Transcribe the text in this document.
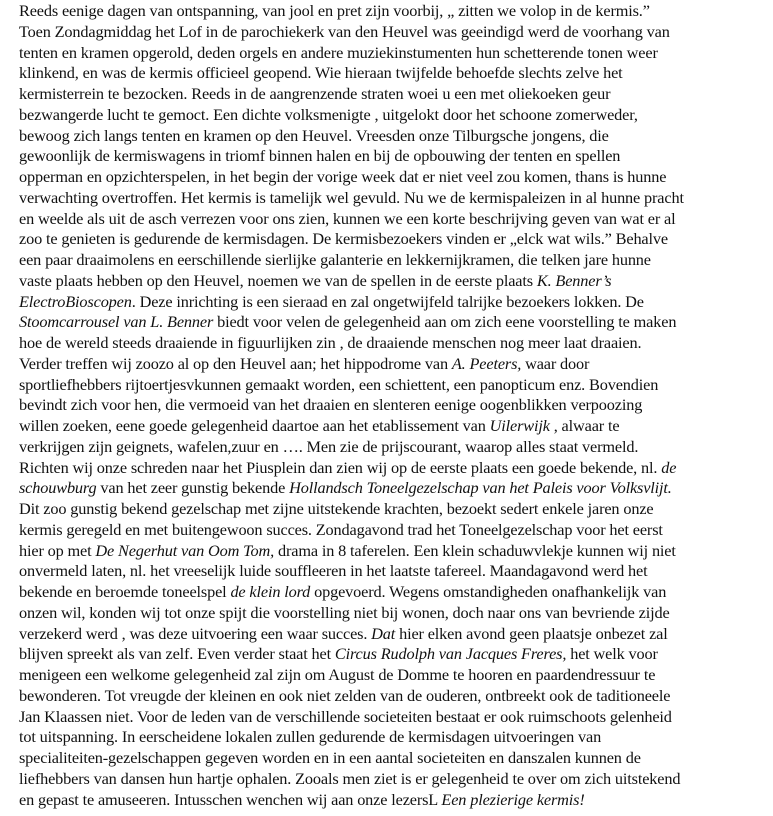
Reeds eenige dagen van ontspanning, van jool en pret zijn voorbij, „ zitten we volop in de kermis.”
Toen Zondagmiddag het Lof in de parochiekerk van den Heuvel was geeindigd werd de voorhang van
tenten en kramen opgerold, deden orgels en andere muziekinstumenten hun schetterende tonen weer
klinkend, en was de kermis officieel geopend. Wie hieraan twijfelde behoefde slechts zelve het
kermisterrein te bezocken. Reeds in de aangrenzende straten woei u een met oliekoeken geur
bezwangerde lucht te gemoct. Een dichte volksmenigte , uitgelokt door het schoone zomerweder,
bewoog zich langs tenten en kramen op den Heuvel. Vreesden onze Tilburgsche jongens, die
gewoonlijk de kermiswagens in triomf binnen halen en bij de opbouwing der tenten en spellen
opperman en opzichterspelen, in het begin der vorige week dat er niet veel zou komen, thans is hunne
verwachting overtroffen. Het kermis is tamelijk wel gevuld. Nu we de kermispaleizen in al hunne pracht
en weelde als uit de asch verrezen voor ons zien, kunnen we een korte beschrijving geven van wat er al
zoo te genieten is gedurende de kermisdagen. De kermisbezoekers vinden er „elck wat wils.” Behalve
een paar draaimolens en eerschillende sierlijke galanterie en lekkernijkramen, die telken jare hunne
vaste plaats hebben op den Heuvel, noemen we van de spellen in de eerste plaats K. Benner’s
ElectroBioscopen. Deze inrichting is een sieraad en zal ongetwijfeld talrijke bezoekers lokken. De
Stoomcarrousel van L. Benner biedt voor velen de gelegenheid aan om zich eene voorstelling te maken
hoe de wereld steeds draaiende in figuurlijken zin , de draaiende menschen nog meer laat draaien.
Verder treffen wij zoozo al op den Heuvel aan; het hippodrome van A. Peeters, waar door
sportliefhebbers rijtoertjesvkunnen gemaakt worden, een schiettent, een panopticum enz. Bovendien
bevindt zich voor hen, die vermoeid van het draaien en slenteren eenige oogenblikken verpoozing
willen zoeken, eene goede gelegenheid daartoe aan het etablissement van Uilerwijk , alwaar te
verkrijgen zijn geignets, wafelen,zuur en …. Men zie de prijscourant, waarop alles staat vermeld.
Richten wij onze schreden naar het Piusplein dan zien wij op de eerste plaats een goede bekende, nl. de
schouwburg van het zeer gunstig bekende Hollandsch Toneelgezelschap van het Paleis voor Volksvlijt.
Dit zoo gunstig bekend gezelschap met zijne uitstekende krachten, bezoekt sedert enkele jaren onze
kermis geregeld en met buitengewoon succes. Zondagavond trad het Toneelgezelschap voor het eerst
hier op met De Negerhut van Oom Tom, drama in 8 taferelen. Een klein schaduwvlekje kunnen wij niet
onvermeld laten, nl. het vreeselijk luide souffleeren in het laatste tafereel. Maandagavond werd het
bekende en beroemde toneelspel de klein lord opgevoerd. Wegens omstandigheden onafhankelijk van
onzen wil, konden wij tot onze spijt die voorstelling niet bij wonen, doch naar ons van bevriende zijde
verzekerd werd , was deze uitvoering een waar succes. Dat hier elken avond geen plaatsje onbezet zal
blijven spreekt als van zelf. Even verder staat het Circus Rudolph van Jacques Freres, het welk voor
menigeen een welkome gelegenheid zal zijn om August de Domme te hooren en paardendressuur te
bewonderen. Tot vreugde der kleinen en ook niet zelden van de ouderen, ontbreekt ook de taditioneele
Jan Klaassen niet. Voor de leden van de verschillende societeiten bestaat er ook ruimschoots gelenheid
tot uitspanning. In eerscheidene lokalen zullen gedurende de kermisdagen uitvoeringen van
specialiteiten-gezelschappen gegeven worden en in een aantal societeiten en danszalen kunnen de
liefhebbers van dansen hun hartje ophalen. Zooals men ziet is er gelegenheid te over om zich uitstekend
en gepast te amuseeren. Intusschen wenchen wij aan onze lezersL Een plezierige kermis!
